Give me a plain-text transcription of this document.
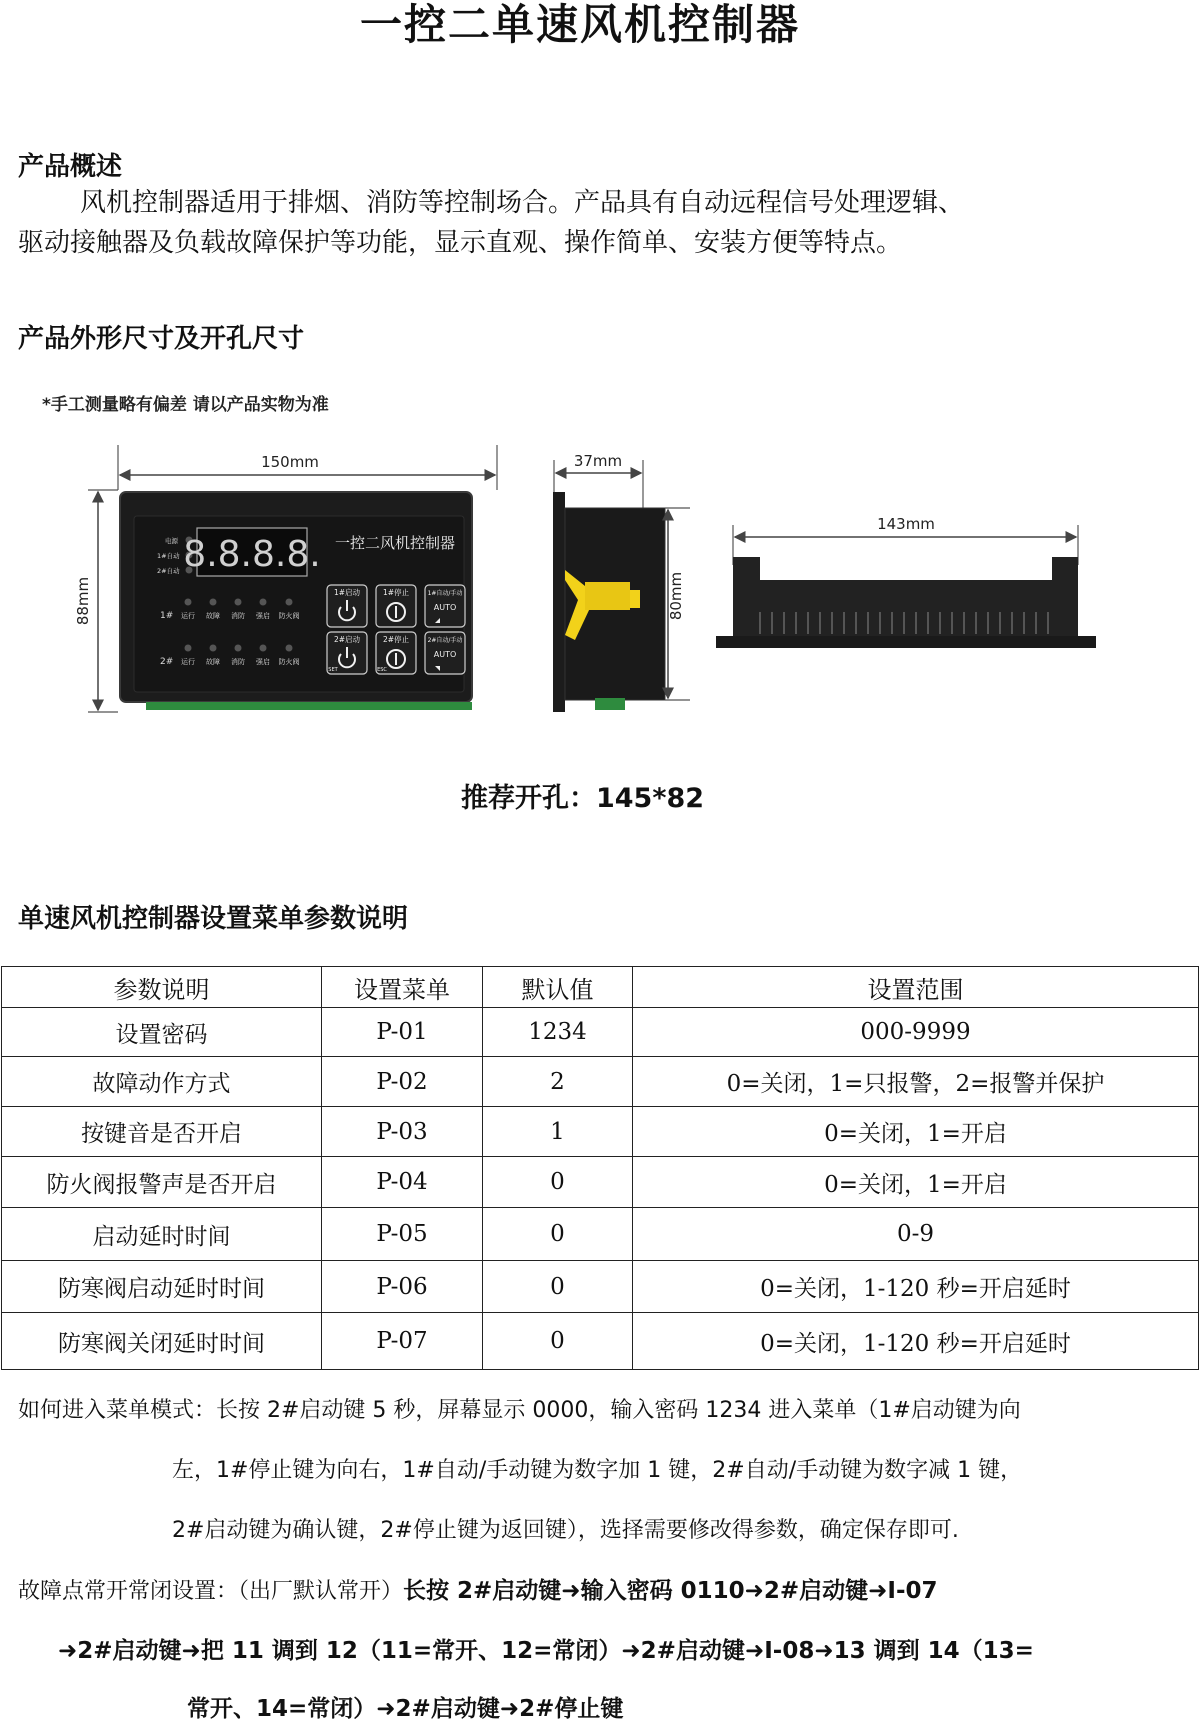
一控二单速风机控制器
产品概述

风机控制器适用于排烟、消防等控制场合。产品具有自动远程信号处理逻辑、
驱动接触器及负载故障保护等功能，显示直观、操作简单、安装方便等特点。

产品外形尺寸及开孔尺寸
*手工测量略有偏差 请以产品实物为准
150mm
88mm
电源
1#自动
2#自动 8.8.8.8. 一控二风机控制器
1#
2#
运行 故障 消防 强启 防火阀
运行 故障 消防 强启 防火阀
1#启动	1#停止	1#自动/手动
2#启动	2#停止	2#自动/手动
AUTO
AUTO
SET	ESC
37mm
80mm
143mm
推荐开孔：145*82
单速风机控制器设置菜单参数说明
参数说明	设置菜单	默认值	设置范围
设置密码	P-01	1234	000-9999
故障动作方式	P-02	2	0=关闭，1=只报警，2=报警并保护
按键音是否开启	P-03	1	0=关闭，1=开启
防火阀报警声是否开启	P-04	0	0=关闭，1=开启
启动延时时间	P-05	0	0-9
防寒阀启动延时时间	P-06	0	0=关闭，1-120 秒=开启延时
防寒阀关闭延时时间	P-07	0	0=关闭，1-120 秒=开启延时
如何进入菜单模式：长按 2#启动键 5 秒，屏幕显示 0000，输入密码 1234 进入菜单（1#启动键为向
左，1#停止键为向右，1#自动/手动键为数字加 1 键，2#自动/手动键为数字减 1 键，
2#启动键为确认键，2#停止键为返回键），选择需要修改得参数，确定保存即可.
故障点常开常闭设置：（出厂默认常开）长按 2#启动键➜输入密码 0110➜2#启动键➜I-07
➜2#启动键➜把 11 调到 12（11=常开、12=常闭）➜2#启动键➜I-08➜13 调到 14（13=
常开、14=常闭）➜2#启动键➜2#停止键
